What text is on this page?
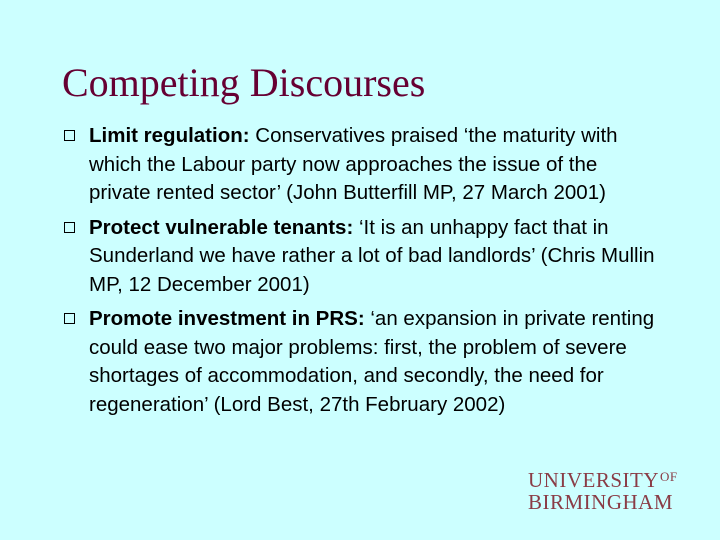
Competing Discourses
Limit regulation: Conservatives praised ‘the maturity with which the Labour party now approaches the issue of the private rented sector’ (John Butterfill MP, 27 March 2001)
Protect vulnerable tenants: ‘It is an unhappy fact that in Sunderland we have rather a lot of bad landlords’ (Chris Mullin MP, 12 December 2001)
Promote investment in PRS: ‘an expansion in private renting could ease two major problems: first, the problem of severe shortages of accommodation, and secondly, the need for regeneration’ (Lord Best, 27th February 2002)
$UNIVERSITY^{OF}$
BIRMINGHAM
